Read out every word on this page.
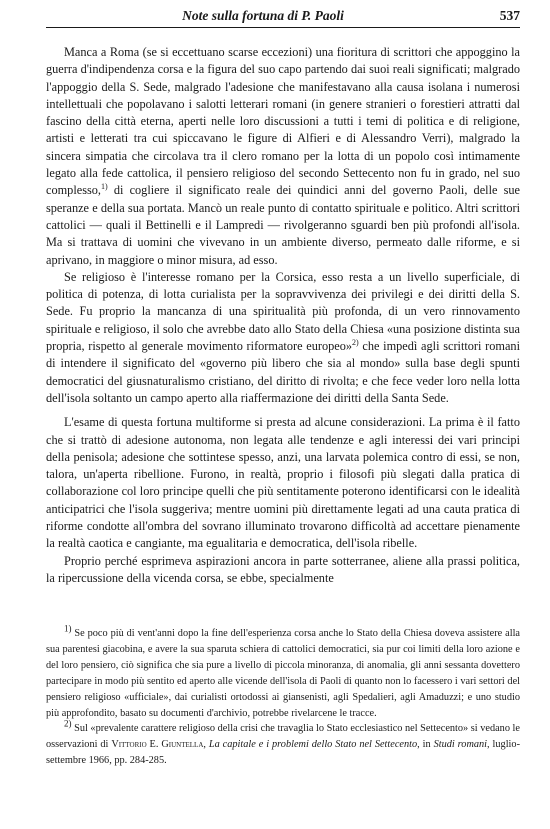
Note sulla fortuna di P. Paoli	537

Manca a Roma (se si eccettuano scarse eccezioni) una fioritura di scrittori che appoggino la guerra d'indipendenza corsa e la figura del suo capo partendo dai suoi reali significati; malgrado l'appoggio della S. Sede, malgrado l'adesione che manifestavano alla causa isolana i numerosi intellettuali che popolavano i salotti letterari romani (in genere stranieri o forestieri attratti dal fascino della città eterna, aperti nelle loro discussioni a tutti i temi di politica e di religione, artisti e letterati tra cui spiccavano le figure di Alfieri e di Alessandro Verri), malgrado la sincera simpatia che circolava tra il clero romano per la lotta di un popolo così intimamente legato alla fede cattolica, il pensiero religioso del secondo Settecento non fu in grado, nel suo complesso,$^{1)}$ di cogliere il significato reale dei quindici anni del governo Paoli, delle sue speranze e della sua portata. Mancò un reale punto di contatto spirituale e politico. Altri scrittori cattolici — quali il Bettinelli e il Lampredi — rivolgeranno sguardi ben più profondi all'isola. Ma si trattava di uomini che vivevano in un ambiente diverso, permeato dalle riforme, e si aprivano, in maggiore o minor misura, ad esso.

Se religioso è l'interesse romano per la Corsica, esso resta a un livello superficiale, di politica di potenza, di lotta curialista per la sopravvivenza dei privilegi e dei diritti della S. Sede. Fu proprio la mancanza di una spiritualità più profonda, di un vero rinnovamento spirituale e religioso, il solo che avrebbe dato allo Stato della Chiesa «una posizione distinta sua propria, rispetto al generale movimento riformatore europeo»$^{2)}$ che impedì agli scrittori romani di intendere il significato del «governo più libero che sia al mondo» sulla base degli spunti democratici del giusnaturalismo cristiano, del diritto di rivolta; e che fece veder loro nella lotta dell'isola soltanto un campo aperto alla riaffermazione dei diritti della Santa Sede.

L'esame di questa fortuna multiforme si presta ad alcune considerazioni. La prima è il fatto che si trattò di adesione autonoma, non legata alle tendenze e agli interessi dei vari principi della penisola; adesione che sottintese spesso, anzi, una larvata polemica contro di essi, se non, talora, un'aperta ribellione. Furono, in realtà, proprio i filosofi più slegati dalla pratica di collaborazione col loro principe quelli che più sentitamente poterono identificarsi con le idealità anticipatrici che l'isola suggeriva; mentre uomini più direttamente legati ad una cauta pratica di riforme condotte all'ombra del sovrano illuminato trovarono difficoltà ad accettare pienamente la realtà caotica e cangiante, ma egualitaria e democratica, dell'isola ribelle.

Proprio perché esprimeva aspirazioni ancora in parte sotterranee, aliene alla prassi politica, la ripercussione della vicenda corsa, se ebbe, specialmente

1) Se poco più di vent'anni dopo la fine dell'esperienza corsa anche lo Stato della Chiesa doveva assistere alla sua parentesi giacobina, e avere la sua sparuta schiera di cattolici democratici, sia pur coi limiti della loro azione e del loro pensiero, ciò significa che sia pure a livello di piccola minoranza, di anomalia, gli anni sessanta dovettero partecipare in modo più sentito ed aperto alle vicende dell'isola di Paoli di quanto non lo facessero i vari settori del pensiero religioso «ufficiale», dai curialisti ortodossi ai giansenisti, agli Spedalieri, agli Amaduzzi; e uno studio più approfondito, basato su documenti d'archivio, potrebbe rivelarcene le tracce.

2) Sul «prevalente carattere religioso della crisi che travaglia lo Stato ecclesiastico nel Settecento» si vedano le osservazioni di Vittorio E. Giuntella, La capitale e i problemi dello Stato nel Settecento, in Studi romani, luglio-settembre 1966, pp. 284-285.
